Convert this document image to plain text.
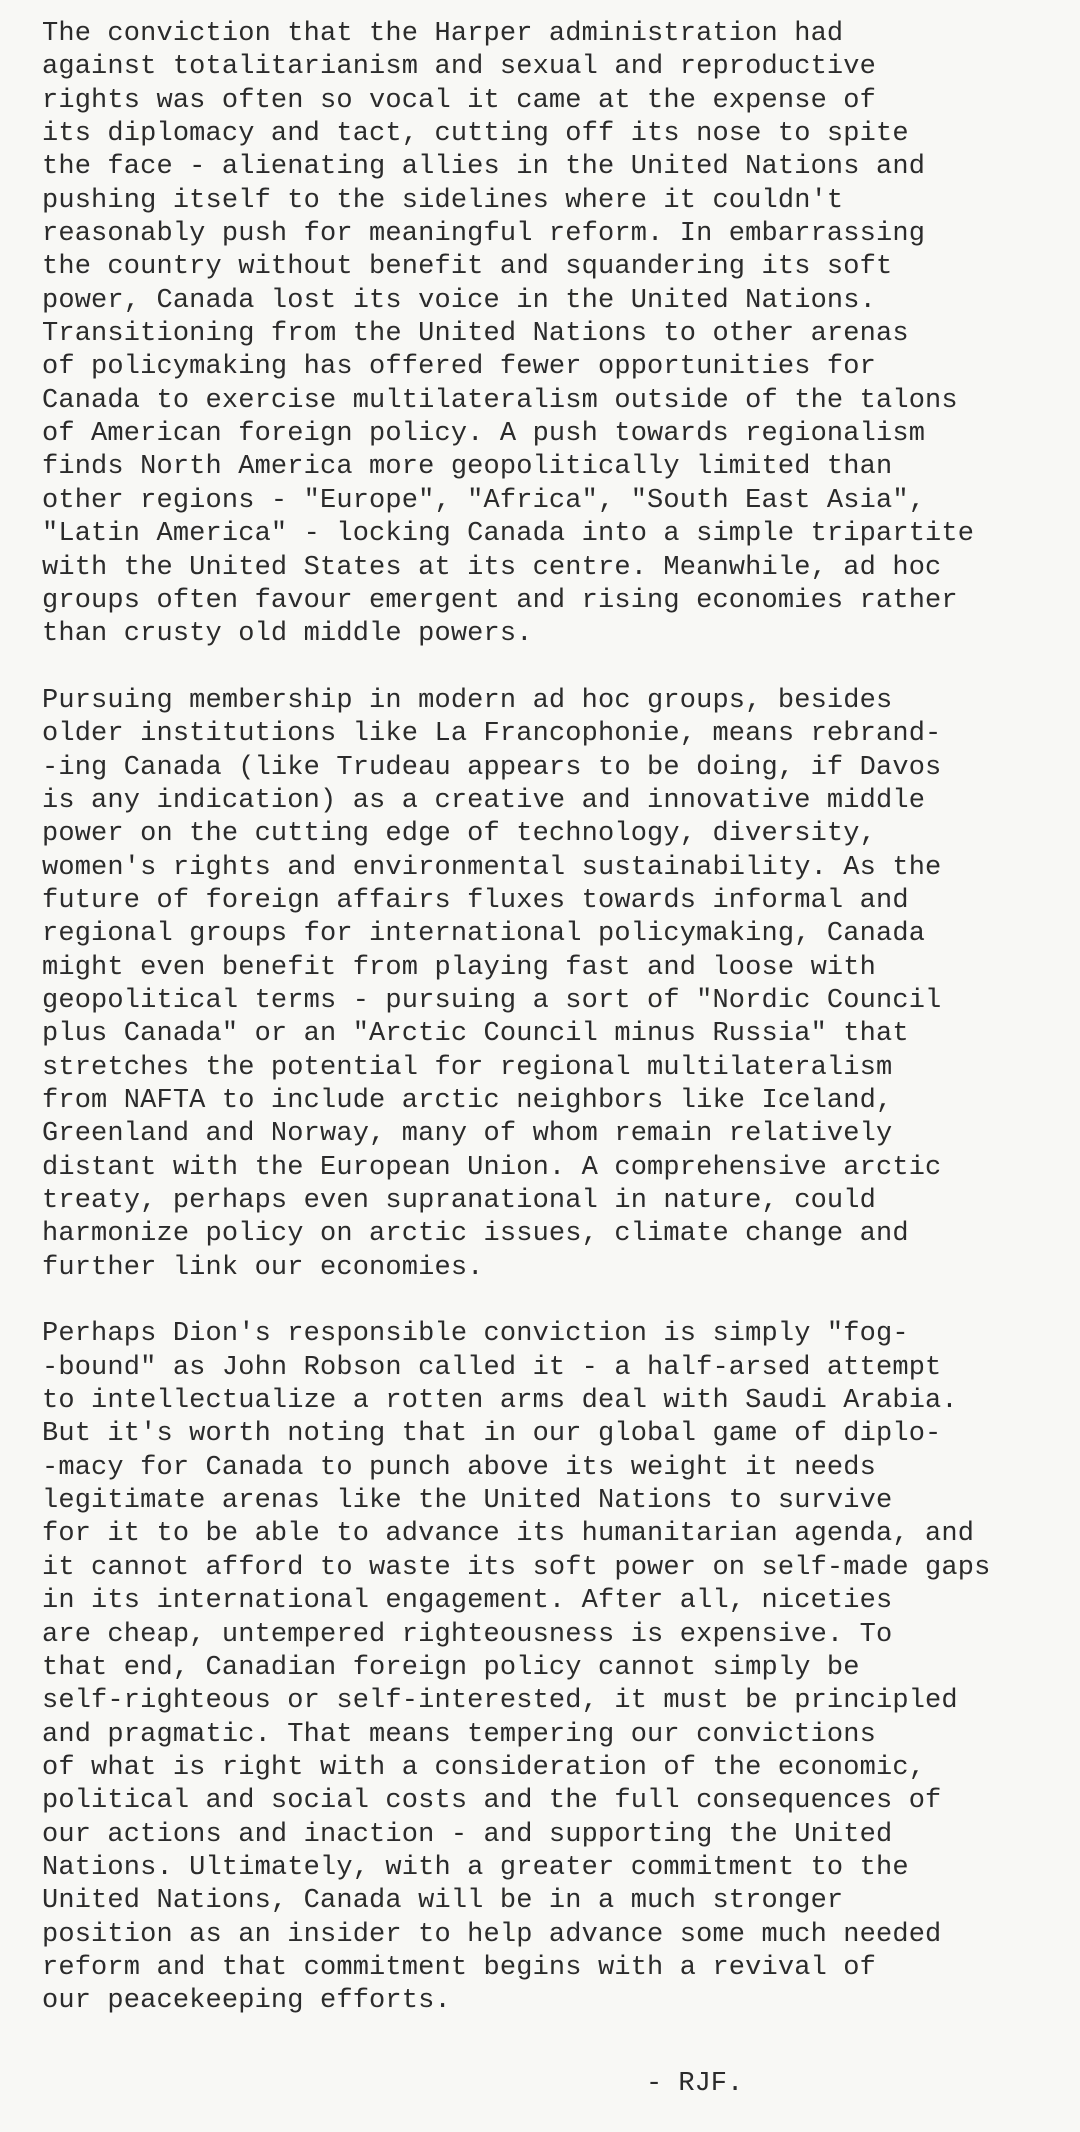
The conviction that the Harper administration had
against totalitarianism and sexual and reproductive
rights was often so vocal it came at the expense of
its diplomacy and tact, cutting off its nose to spite
the face - alienating allies in the United Nations and
pushing itself to the sidelines where it couldn't
reasonably push for meaningful reform. In embarrassing
the country without benefit and squandering its soft
power, Canada lost its voice in the United Nations.
Transitioning from the United Nations to other arenas
of policymaking has offered fewer opportunities for
Canada to exercise multilateralism outside of the talons
of American foreign policy. A push towards regionalism
finds North America more geopolitically limited than
other regions - "Europe", "Africa", "South East Asia",
"Latin America" - locking Canada into a simple tripartite
with the United States at its centre. Meanwhile, ad hoc
groups often favour emergent and rising economies rather
than crusty old middle powers.

Pursuing membership in modern ad hoc groups, besides
older institutions like La Francophonie, means rebrand-
-ing Canada (like Trudeau appears to be doing, if Davos
is any indication) as a creative and innovative middle
power on the cutting edge of technology, diversity,
women's rights and environmental sustainability. As the
future of foreign affairs fluxes towards informal and
regional groups for international policymaking, Canada
might even benefit from playing fast and loose with
geopolitical terms - pursuing a sort of "Nordic Council
plus Canada" or an "Arctic Council minus Russia" that
stretches the potential for regional multilateralism
from NAFTA to include arctic neighbors like Iceland,
Greenland and Norway, many of whom remain relatively
distant with the European Union. A comprehensive arctic
treaty, perhaps even supranational in nature, could
harmonize policy on arctic issues, climate change and
further link our economies.

Perhaps Dion's responsible conviction is simply "fog-
-bound" as John Robson called it - a half-arsed attempt
to intellectualize a rotten arms deal with Saudi Arabia.
But it's worth noting that in our global game of diplo-
-macy for Canada to punch above its weight it needs
legitimate arenas like the United Nations to survive
for it to be able to advance its humanitarian agenda, and
it cannot afford to waste its soft power on self-made gaps
in its international engagement. After all, niceties
are cheap, untempered righteousness is expensive. To
that end, Canadian foreign policy cannot simply be
self-righteous or self-interested, it must be principled
and pragmatic. That means tempering our convictions
of what is right with a consideration of the economic,
political and social costs and the full consequences of
our actions and inaction - and supporting the United
Nations. Ultimately, with a greater commitment to the
United Nations, Canada will be in a much stronger
position as an insider to help advance some much needed
reform and that commitment begins with a revival of
our peacekeeping efforts.

- RJF.
